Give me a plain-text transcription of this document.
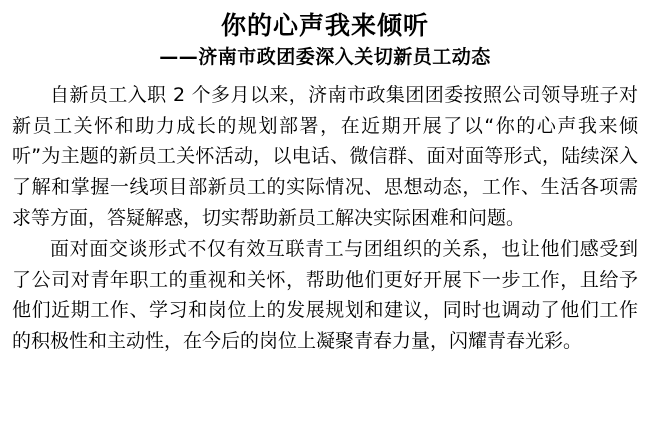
你的心声我来倾听
——济南市政团委深入关切新员工动态

自新员工入职 2 个多月以来，济南市政集团团委按照公司领导班子对新员工关怀和助力成长的规划部署，在近期开展了以“你的心声我来倾听”为主题的新员工关怀活动，以电话、微信群、面对面等形式，陆续深入了解和掌握一线项目部新员工的实际情况、思想动态，工作、生活各项需求等方面，答疑解惑，切实帮助新员工解决实际困难和问题。

面对面交谈形式不仅有效互联青工与团组织的关系，也让他们感受到了公司对青年职工的重视和关怀，帮助他们更好开展下一步工作，且给予他们近期工作、学习和岗位上的发展规划和建议，同时也调动了他们工作的积极性和主动性，在今后的岗位上凝聚青春力量，闪耀青春光彩。
